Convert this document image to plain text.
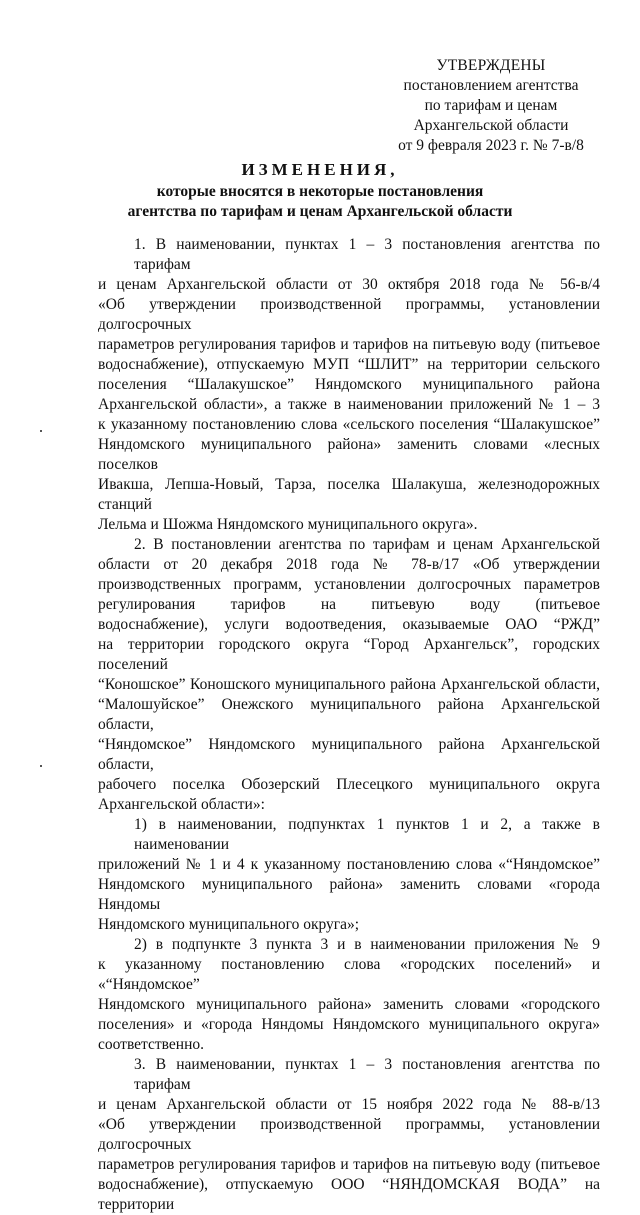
УТВЕРЖДЕНЫ
постановлением агентства
по тарифам и ценам
Архангельской области
от 9 февраля 2023 г. № 7-в/8
ИЗМЕНЕНИЯ,
которые вносятся в некоторые постановления
агентства по тарифам и ценам Архангельской области
1. В наименовании, пунктах 1 – 3 постановления агентства по тарифам
и ценам Архангельской области от 30 октября 2018 года № 56-в/4
«Об утверждении производственной программы, установлении долгосрочных
параметров регулирования тарифов и тарифов на питьевую воду (питьевое
водоснабжение), отпускаемую МУП “ШЛИТ” на территории сельского
поселения “Шалакушское” Няндомского муниципального района
Архангельской области», а также в наименовании приложений № 1 – 3
к указанному постановлению слова «сельского поселения “Шалакушское”
Няндомского муниципального района» заменить словами «лесных поселков
Ивакша, Лепша-Новый, Тарза, поселка Шалакуша, железнодорожных станций
Лельма и Шожма Няндомского муниципального округа».
2. В постановлении агентства по тарифам и ценам Архангельской
области от 20 декабря 2018 года № 78-в/17 «Об утверждении
производственных программ, установлении долгосрочных параметров
регулирования тарифов на питьевую воду (питьевое
водоснабжение), услуги водоотведения, оказываемые ОАО “РЖД”
на территории городского округа “Город Архангельск”, городских поселений
“Коношское” Коношского муниципального района Архангельской области,
“Малошуйское” Онежского муниципального района Архангельской области,
“Няндомское” Няндомского муниципального района Архангельской области,
рабочего поселка Обозерский Плесецкого муниципального округа
Архангельской области»:
1) в наименовании, подпунктах 1 пунктов 1 и 2, а также в наименовании
приложений № 1 и 4 к указанному постановлению слова «“Няндомское”
Няндомского муниципального района» заменить словами «города Няндомы
Няндомского муниципального округа»;
2) в подпункте 3 пункта 3 и в наименовании приложения № 9
к указанному постановлению слова «городских поселений» и «“Няндомское”
Няндомского муниципального района» заменить словами «городского
поселения» и «города Няндомы Няндомского муниципального округа»
соответственно.
3. В наименовании, пунктах 1 – 3 постановления агентства по тарифам
и ценам Архангельской области от 15 ноября 2022 года № 88-в/13
«Об утверждении производственной программы, установлении долгосрочных
параметров регулирования тарифов и тарифов на питьевую воду (питьевое
водоснабжение), отпускаемую ООО “НЯНДОМСКАЯ ВОДА” на территории
